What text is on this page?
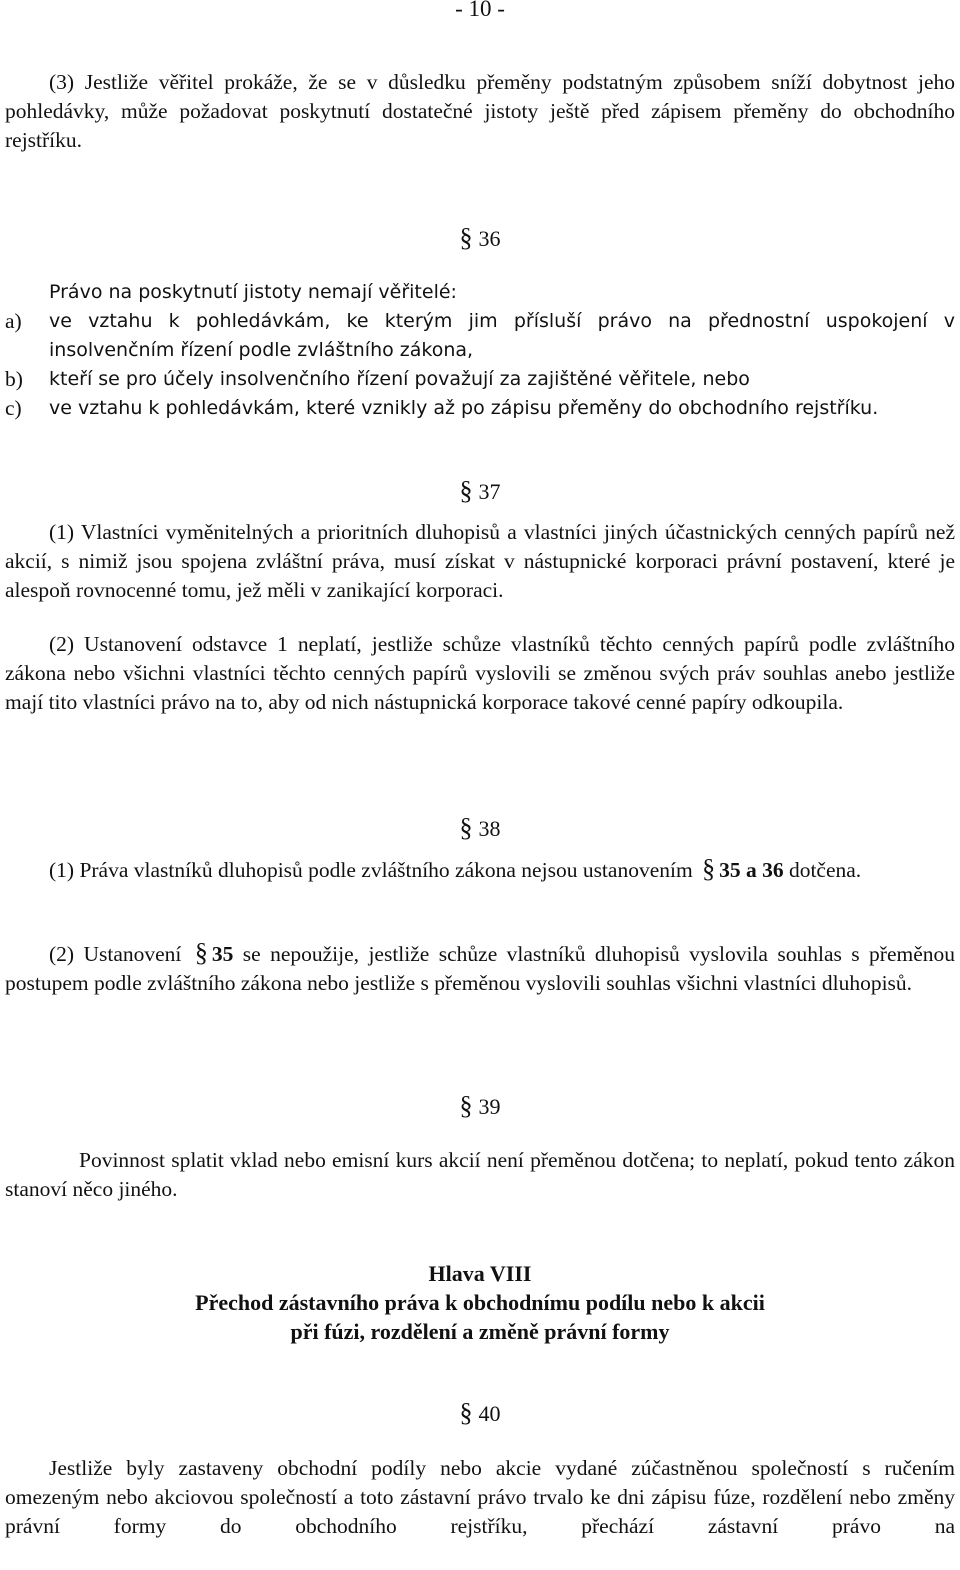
- 10 -
(3) Jestliže věřitel prokáže, že se v důsledku přeměny podstatným způsobem sníží dobytnost jeho pohledávky, může požadovat poskytnutí dostatečné jistoty ještě před zápisem přeměny do obchodního rejstříku.
§ 36
Právo na poskytnutí jistoty nemají věřitelé:
a)	ve vztahu k pohledávkám, ke kterým jim přísluší právo na přednostní uspokojení v insolvenčním řízení podle zvláštního zákona,
b)	kteří se pro účely insolvenčního řízení považují za zajištěné věřitele, nebo
c)	ve vztahu k pohledávkám, které vznikly až po zápisu přeměny do obchodního rejstříku.
§ 37
(1) Vlastníci vyměnitelných a prioritních dluhopisů a vlastníci jiných účastnických cenných papírů než akcií, s nimiž jsou spojena zvláštní práva, musí získat v nástupnické korporaci právní postavení, které je alespoň rovnocenné tomu, jež měli v zanikající korporaci.
(2) Ustanovení odstavce 1 neplatí, jestliže schůze vlastníků těchto cenných papírů podle zvláštního zákona nebo všichni vlastníci těchto cenných papírů vyslovili se změnou svých práv souhlas anebo jestliže mají tito vlastníci právo na to, aby od nich nástupnická korporace takové cenné papíry odkoupila.
§ 38
(1) Práva vlastníků dluhopisů podle zvláštního zákona nejsou ustanovením § 35 a 36 dotčena.
(2) Ustanovení § 35 se nepoužije, jestliže schůze vlastníků dluhopisů vyslovila souhlas s přeměnou postupem podle zvláštního zákona nebo jestliže s přeměnou vyslovili souhlas všichni vlastníci dluhopisů.
§ 39
Povinnost splatit vklad nebo emisní kurs akcií není přeměnou dotčena; to neplatí, pokud tento zákon stanoví něco jiného.
Hlava VIII
Přechod zástavního práva k obchodnímu podílu nebo k akcii
při fúzi, rozdělení a změně právní formy
§ 40
Jestliže byly zastaveny obchodní podíly nebo akcie vydané zúčastněnou společností s ručením omezeným nebo akciovou společností a toto zástavní právo trvalo ke dni zápisu fúze, rozdělení nebo změny právní formy do obchodního rejstříku, přechází zástavní právo na
